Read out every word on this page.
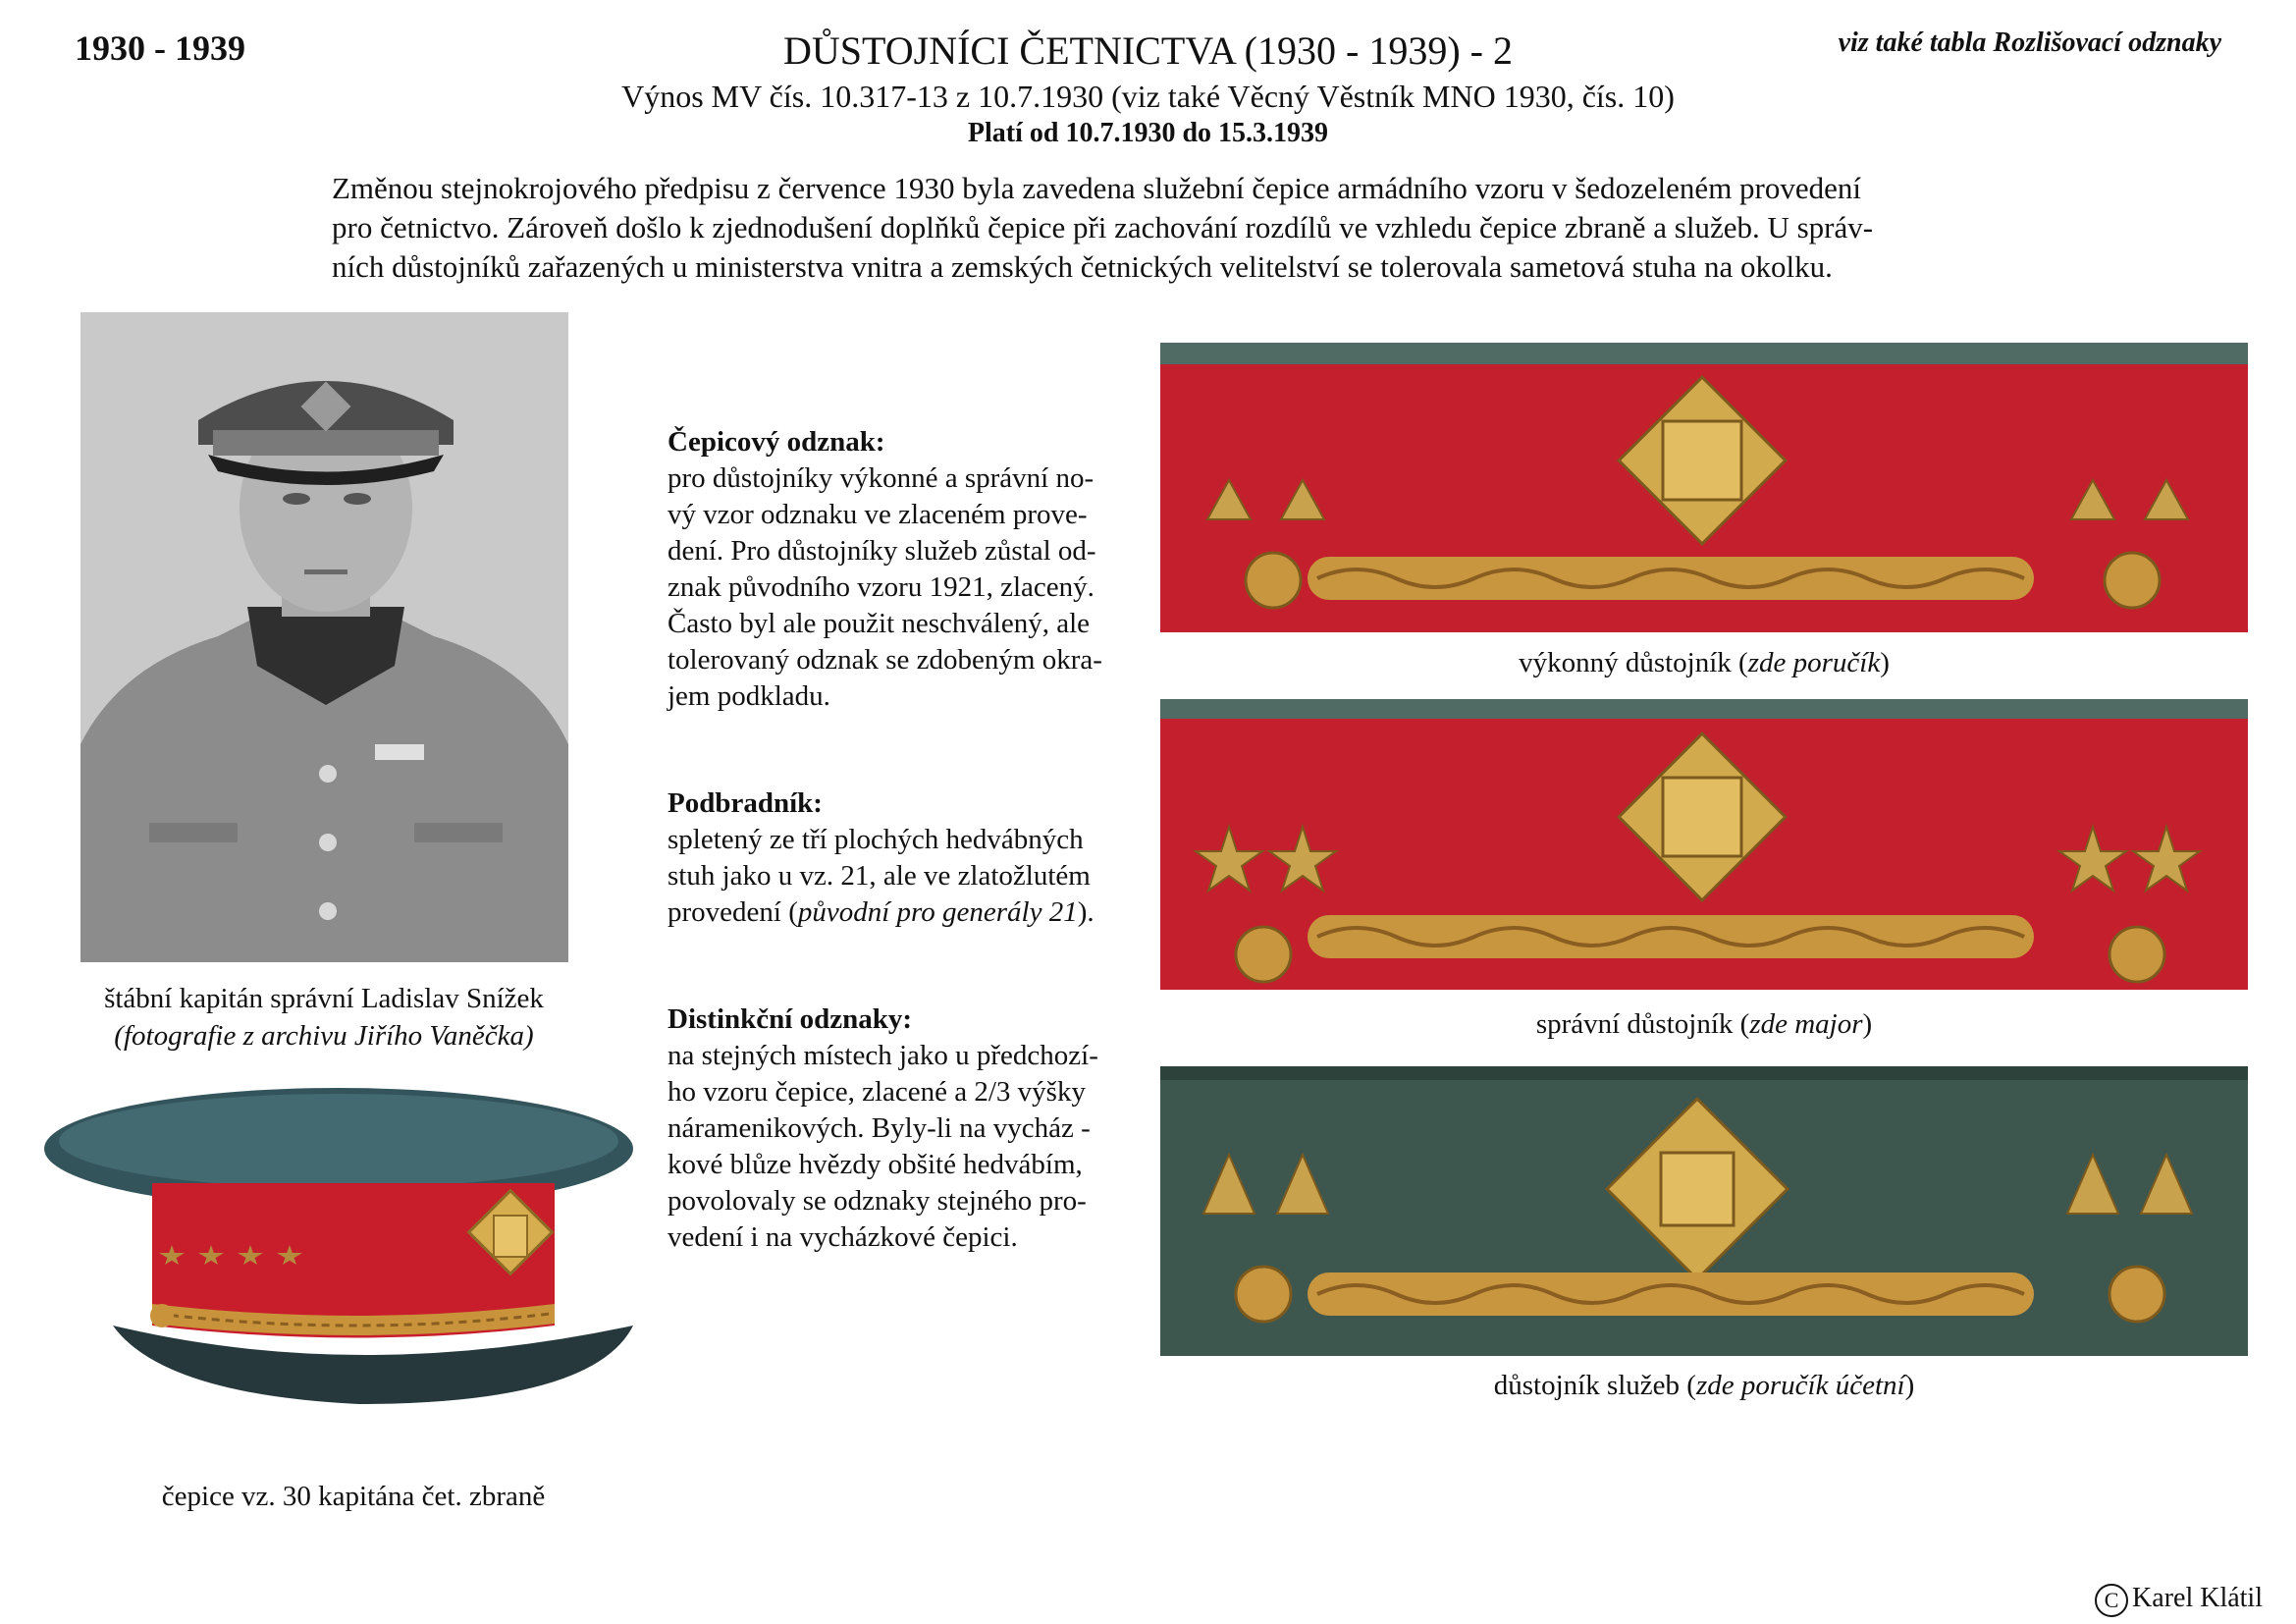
1930 - 1939	DŮSTOJNÍCI ČETNICTVA (1930 - 1939) - 2	viz také tabla Rozlišovací odznaky
Výnos MV čís. 10.317-13 z 10.7.1930 (viz také Věcný Věstník MNO 1930, čís. 10)
Platí od 10.7.1930 do 15.3.1939

Změnou stejnokrojového předpisu z července 1930 byla zavedena služební čepice armádního vzoru v šedozeleném provedení

pro četnictvo. Zároveň došlo k zjednodušení doplňků čepice při zachování rozdílů ve vzhledu čepice zbraně a služeb. U správ-

ních důstojníků zařazených u ministerstva vnitra a zemských četnických velitelství se tolerovala sametová stuha na okolku.

štábní kapitán správní Ladislav Snížek
(fotografie z archivu Jiřího Vaněčka)
čepice vz. 30 kapitána čet. zbraně
Čepicový odznak:

pro důstojníky výkonné a správní no-

vý vzor odznaku ve zlaceném prove-

dení. Pro důstojníky služeb zůstal od-

znak původního vzoru 1921, zlacený.

Často byl ale použit neschválený, ale

tolerovaný odznak se zdobeným okra-

jem podkladu.

Podbradník:

spletený ze tří plochých hedvábných

stuh jako u vz. 21, ale ve zlatožlutém

provedení (původní pro generály 21).

Distinkční odznaky:

na stejných místech jako u předchozí-

ho vzoru čepice, zlacené a 2/3 výšky

náramenikových. Byly-li na vycház -

kové blůze hvězdy obšité hedvábím,

povolovaly se odznaky stejného pro-

vedení i na vycházkové čepici.

výkonný důstojník (zde poručík)
správní důstojník (zde major)
důstojník služeb (zde poručík účetní)
C Karel Klátil
